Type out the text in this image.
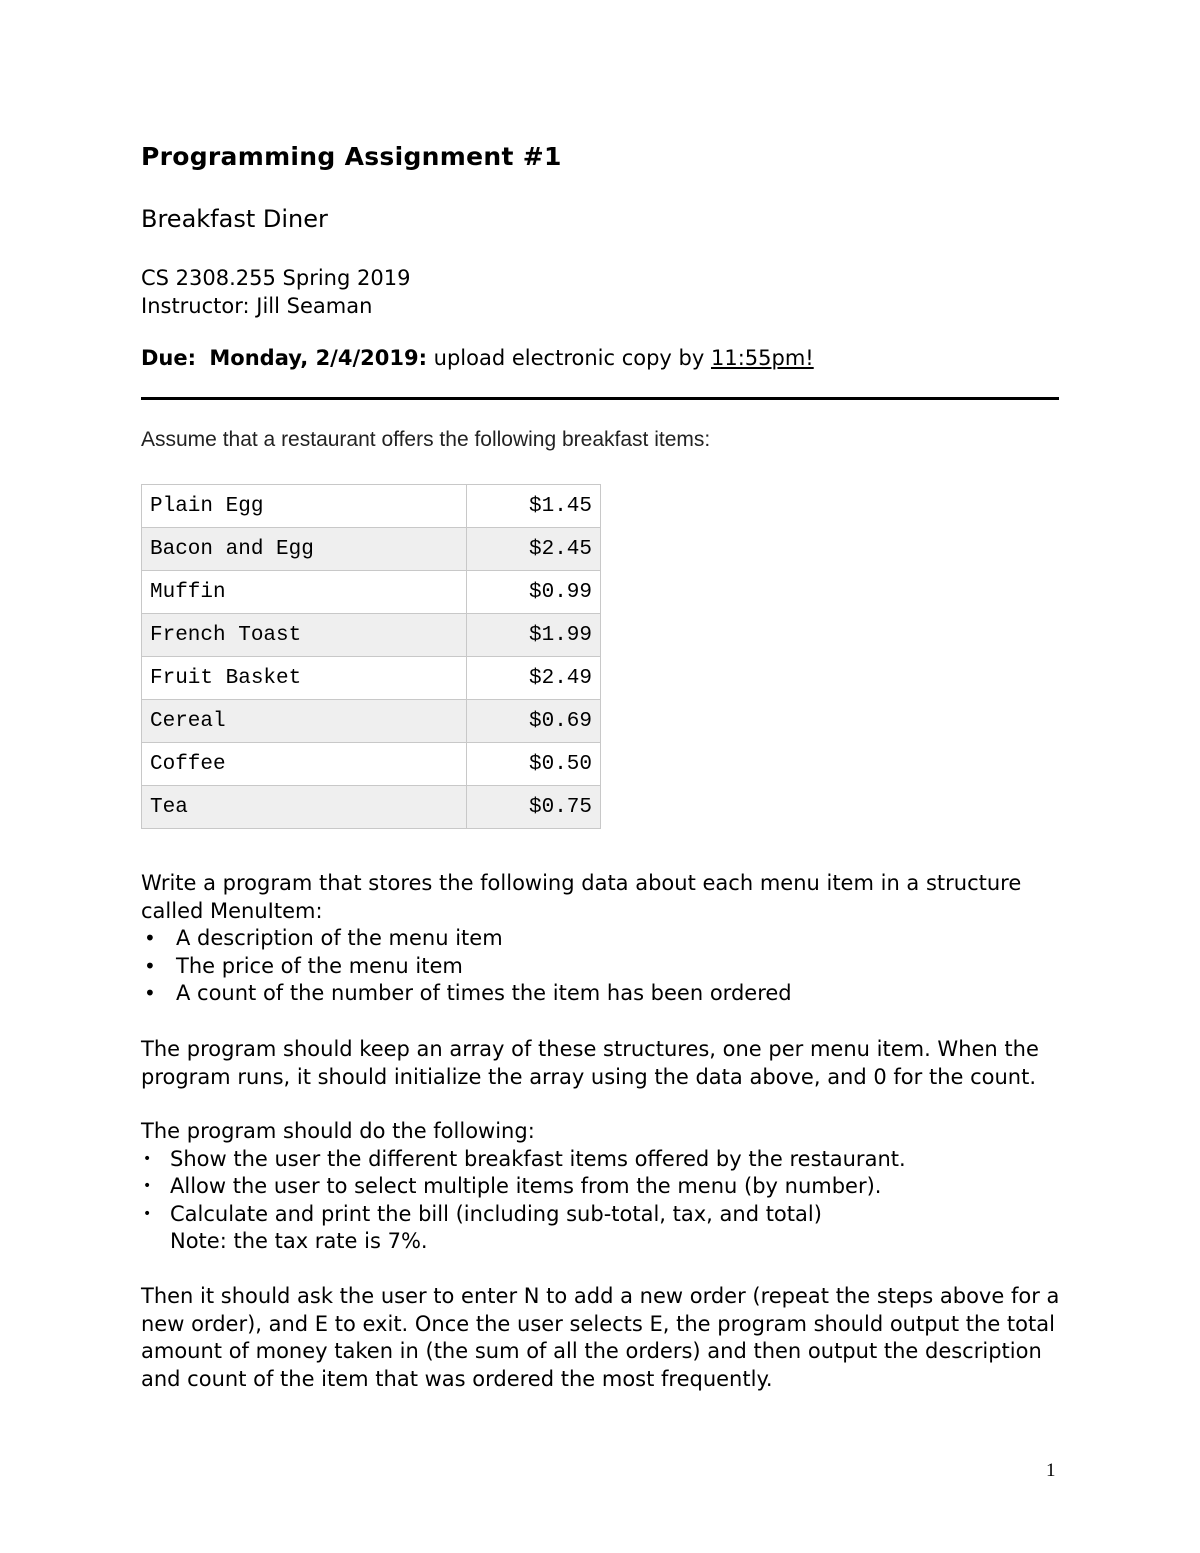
Programming Assignment #1
Breakfast Diner
CS 2308.255 Spring 2019
Instructor: Jill Seaman
Due: Monday, 2/4/2019: upload electronic copy by 11:55pm!
Assume that a restaurant offers the following breakfast items:
Plain Egg	$1.45
Bacon and Egg	$2.45
Muffin	$0.99
French Toast	$1.99
Fruit Basket	$2.49
Cereal	$0.69
Coffee	$0.50
Tea	$0.75
Write a program that stores the following data about each menu item in a structure called MenuItem:
• A description of the menu item
• The price of the menu item
• A count of the number of times the item has been ordered
The program should keep an array of these structures, one per menu item. When the program runs, it should initialize the array using the data above, and 0 for the count.
The program should do the following:
• Show the user the different breakfast items offered by the restaurant.
• Allow the user to select multiple items from the menu (by number).
• Calculate and print the bill (including sub-total, tax, and total)
Note: the tax rate is 7%.
Then it should ask the user to enter N to add a new order (repeat the steps above for a new order), and E to exit. Once the user selects E, the program should output the total amount of money taken in (the sum of all the orders) and then output the description and count of the item that was ordered the most frequently.
1
